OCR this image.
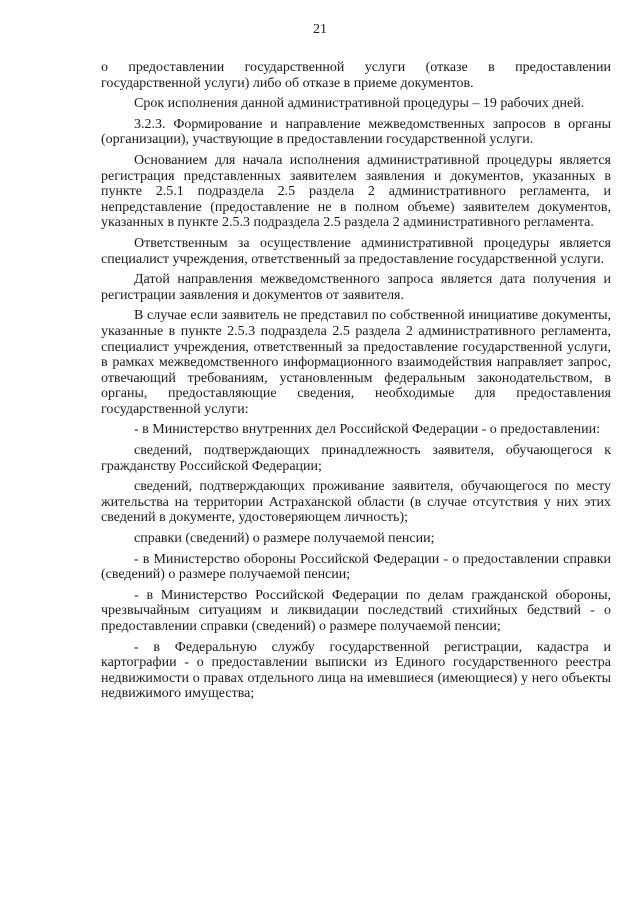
21

о предоставлении государственной услуги (отказе в предоставлении государственной услуги) либо об отказе в приеме документов.

Срок исполнения данной административной процедуры – 19 рабочих дней.

3.2.3. Формирование и направление межведомственных запросов в органы (организации), участвующие в предоставлении государственной услуги.

Основанием для начала исполнения административной процедуры является регистрация представленных заявителем заявления и документов, указанных в пункте 2.5.1 подраздела 2.5 раздела 2 административного регламента, и непредставление (предоставление не в полном объеме) заявителем документов, указанных в пункте 2.5.3 подраздела 2.5 раздела 2 административного регламента.

Ответственным за осуществление административной процедуры является специалист учреждения, ответственный за предоставление государственной услуги.

Датой направления межведомственного запроса является дата получения и регистрации заявления и документов от заявителя.

В случае если заявитель не представил по собственной инициативе документы, указанные в пункте 2.5.3 подраздела 2.5 раздела 2 административного регламента, специалист учреждения, ответственный за предоставление государственной услуги, в рамках межведомственного информационного взаимодействия направляет запрос, отвечающий требованиям, установленным федеральным законодательством, в органы, предоставляющие сведения, необходимые для предоставления государственной услуги:

- в Министерство внутренних дел Российской Федерации - о предоставлении:

сведений, подтверждающих принадлежность заявителя, обучающегося к гражданству Российской Федерации;

сведений, подтверждающих проживание заявителя, обучающегося по месту жительства на территории Астраханской области (в случае отсутствия у них этих сведений в документе, удостоверяющем личность);

справки (сведений) о размере получаемой пенсии;

- в Министерство обороны Российской Федерации - о предоставлении справки (сведений) о размере получаемой пенсии;

- в Министерство Российской Федерации по делам гражданской обороны, чрезвычайным ситуациям и ликвидации последствий стихийных бедствий - о предоставлении справки (сведений) о размере получаемой пенсии;

- в Федеральную службу государственной регистрации, кадастра и картографии - о предоставлении выписки из Единого государственного реестра недвижимости о правах отдельного лица на имевшиеся (имеющиеся) у него объекты недвижимого имущества;
